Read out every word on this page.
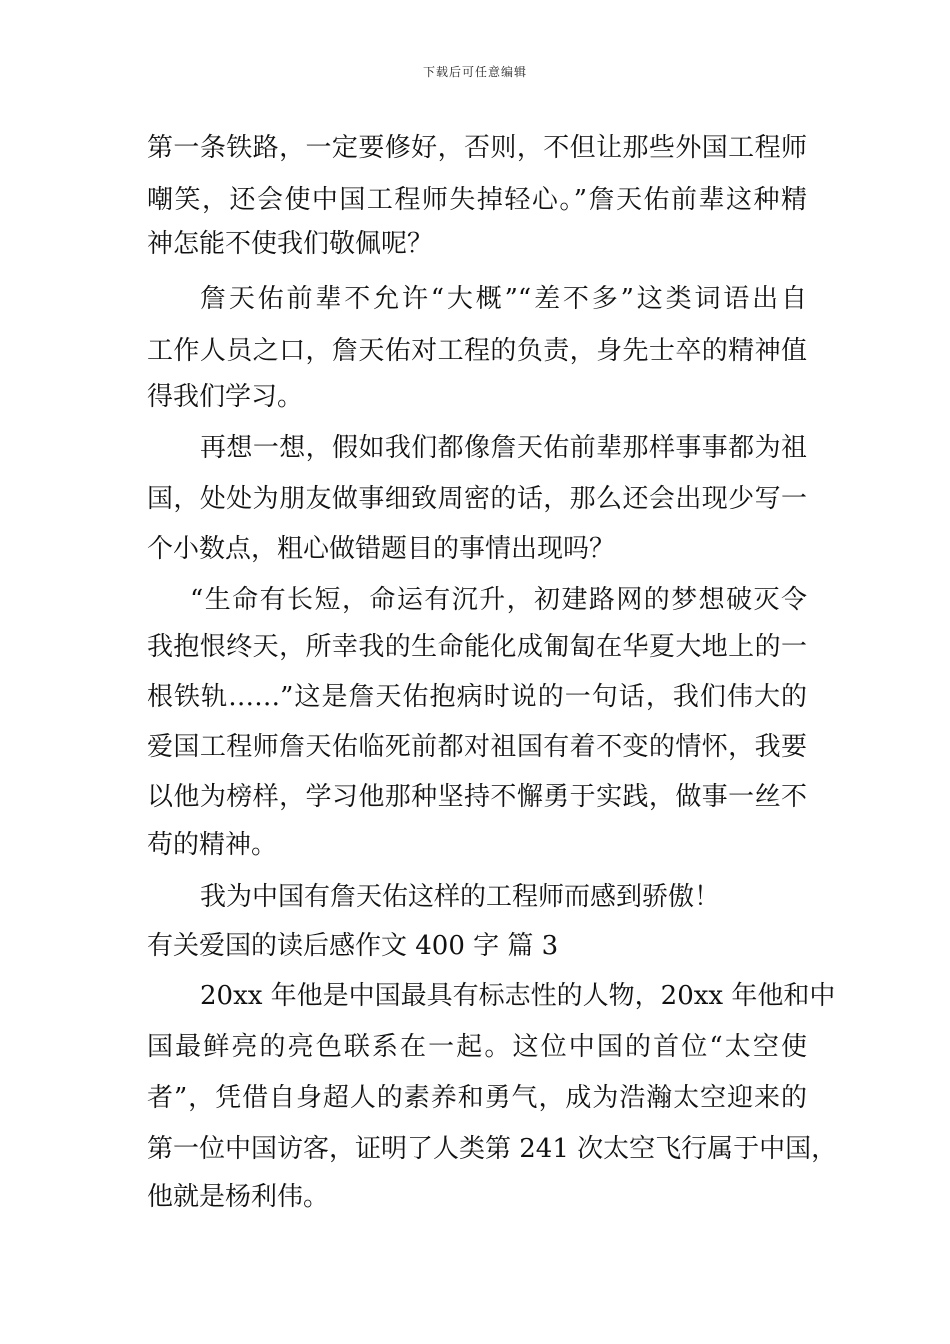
下载后可任意编辑
第一条铁路，一定要修好，否则，不但让那些外国工程师
嘲笑，还会使中国工程师失掉轻心。”詹天佑前辈这种精
神怎能不使我们敬佩呢？
詹天佑前辈不允许“大概”“差不多”这类词语出自
工作人员之口，詹天佑对工程的负责，身先士卒的精神值
得我们学习。
再想一想，假如我们都像詹天佑前辈那样事事都为祖
国，处处为朋友做事细致周密的话，那么还会出现少写一
个小数点，粗心做错题目的事情出现吗？
“生命有长短，命运有沉升，初建路网的梦想破灭令
我抱恨终天，所幸我的生命能化成匍匐在华夏大地上的一
根铁轨……”这是詹天佑抱病时说的一句话，我们伟大的
爱国工程师詹天佑临死前都对祖国有着不变的情怀，我要
以他为榜样，学习他那种坚持不懈勇于实践，做事一丝不
苟的精神。
我为中国有詹天佑这样的工程师而感到骄傲！
有关爱国的读后感作文 400 字 篇 3
20xx 年他是中国最具有标志性的人物，20xx 年他和中
国最鲜亮的亮色联系在一起。这位中国的首位“太空使
者”，凭借自身超人的素养和勇气，成为浩瀚太空迎来的
第一位中国访客，证明了人类第 241 次太空飞行属于中国，
他就是杨利伟。
